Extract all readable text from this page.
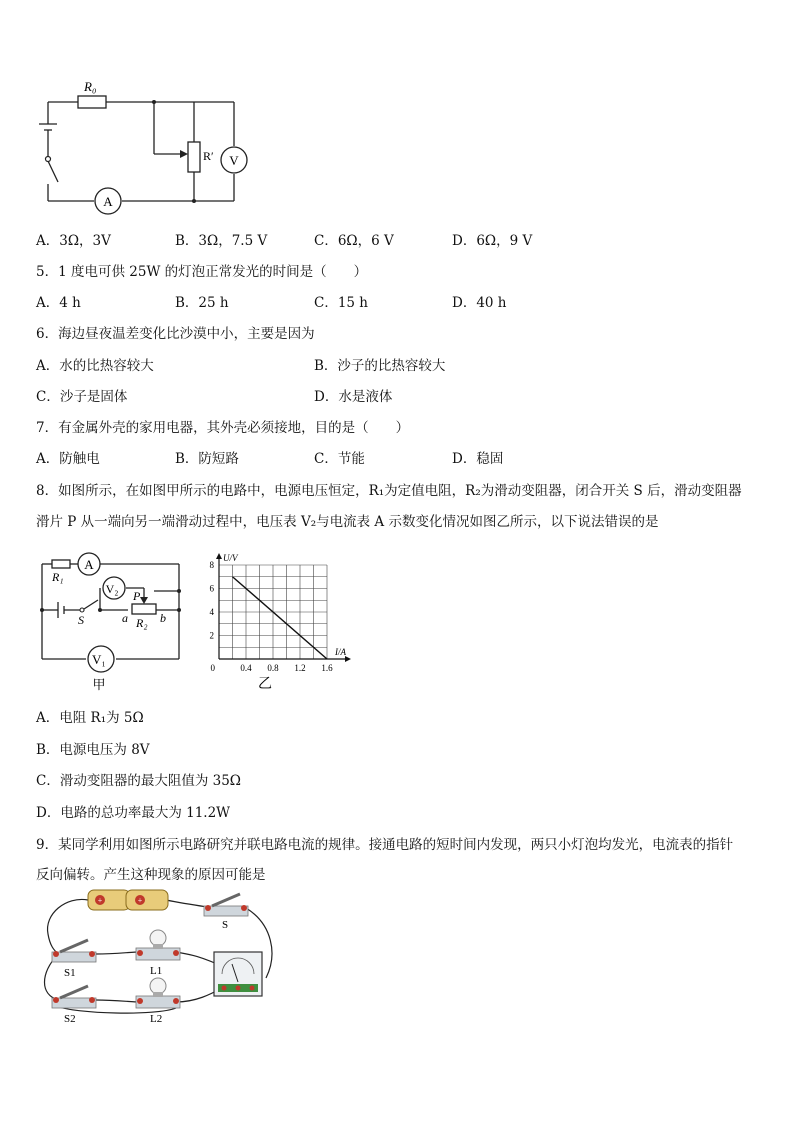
R₀
R′ V
A
A．3Ω，3V	B．3Ω，7.5 V	C．6Ω，6 V	D．6Ω，9 V
5．1 度电可供 25W 的灯泡正常发光的时间是（　　）
A．4 h	B．25 h	C．15 h	D．40 h
6．海边昼夜温差变化比沙漠中小，主要是因为
A．水的比热容较大	B．沙子的比热容较大
C．沙子是固体	D．水是液体
7．有金属外壳的家用电器，其外壳必须接地，目的是（　　）
A．防触电	B．防短路	C．节能	D．稳固
8．如图所示，在如图甲所示的电路中，电源电压恒定，R₁为定值电阻，R₂为滑动变阻器，闭合开关 S 后，滑动变阻器
滑片 P 从一端向另一端滑动过程中，电压表 V₂与电流表 A 示数变化情况如图乙所示，以下说法错误的是
A
V₂
V₁
R₁
R₂
P
S	a	b
甲	乙
0.4 0.8 1.2 1.6
2
4
6
8
0
U/V
I/A
A．电阻 R₁为 5Ω
B．电源电压为 8V
C．滑动变阻器的最大阻值为 35Ω
D．电路的总功率最大为 11.2W
9．某同学利用如图所示电路研究并联电路电流的规律。接通电路的短时间内发现，两只小灯泡均发光，电流表的指针
反向偏转。产生这种现象的原因可能是
+	+
S
S1	L1
S2	L2
